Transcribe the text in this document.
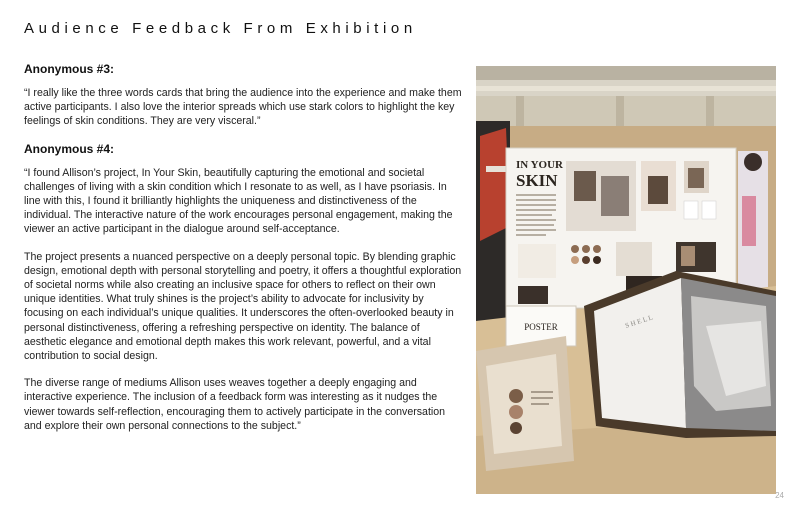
Audience Feedback From Exhibition
Anonymous #3:

“I really like the three words cards that bring the audience into the experience and make them active participants. I also love the interior spreads which use stark colors to highlight the key feelings of skin conditions. They are very visceral.”

Anonymous #4:

“I found Allison’s project, In Your Skin, beautifully capturing the emotional and societal challenges of living with a skin condition which I resonate to as well, as I have psoriasis. In line with this, I found it brilliantly highlights the uniqueness and distinctiveness of the individual. The interactive nature of the work encourages personal engagement, making the viewer an active participant in the dialogue around self-acceptance.

The project presents a nuanced perspective on a deeply personal topic. By blending graphic design, emotional depth with personal storytelling and poetry, it offers a thoughtful exploration of societal norms while also creating an inclusive space for others to reflect on their own unique identities. What truly shines is the project’s ability to advocate for inclusivity by focusing on each individual’s unique qualities. It underscores the often-overlooked beauty in personal distinctiveness, offering a refreshing perspective on identity. The balance of aesthetic elegance and emotional depth makes this work relevant, powerful, and a vital contribution to social design.

The diverse range of mediums Allison uses weaves together a deeply engaging and interactive experience. The inclusion of a feedback form was interesting as it nudges the viewer towards self-reflection, encouraging them to actively participate in the conversation and explore their own personal connections to the subject.”

IN YOUR
SKIN
POSTER	S H E L L
24
